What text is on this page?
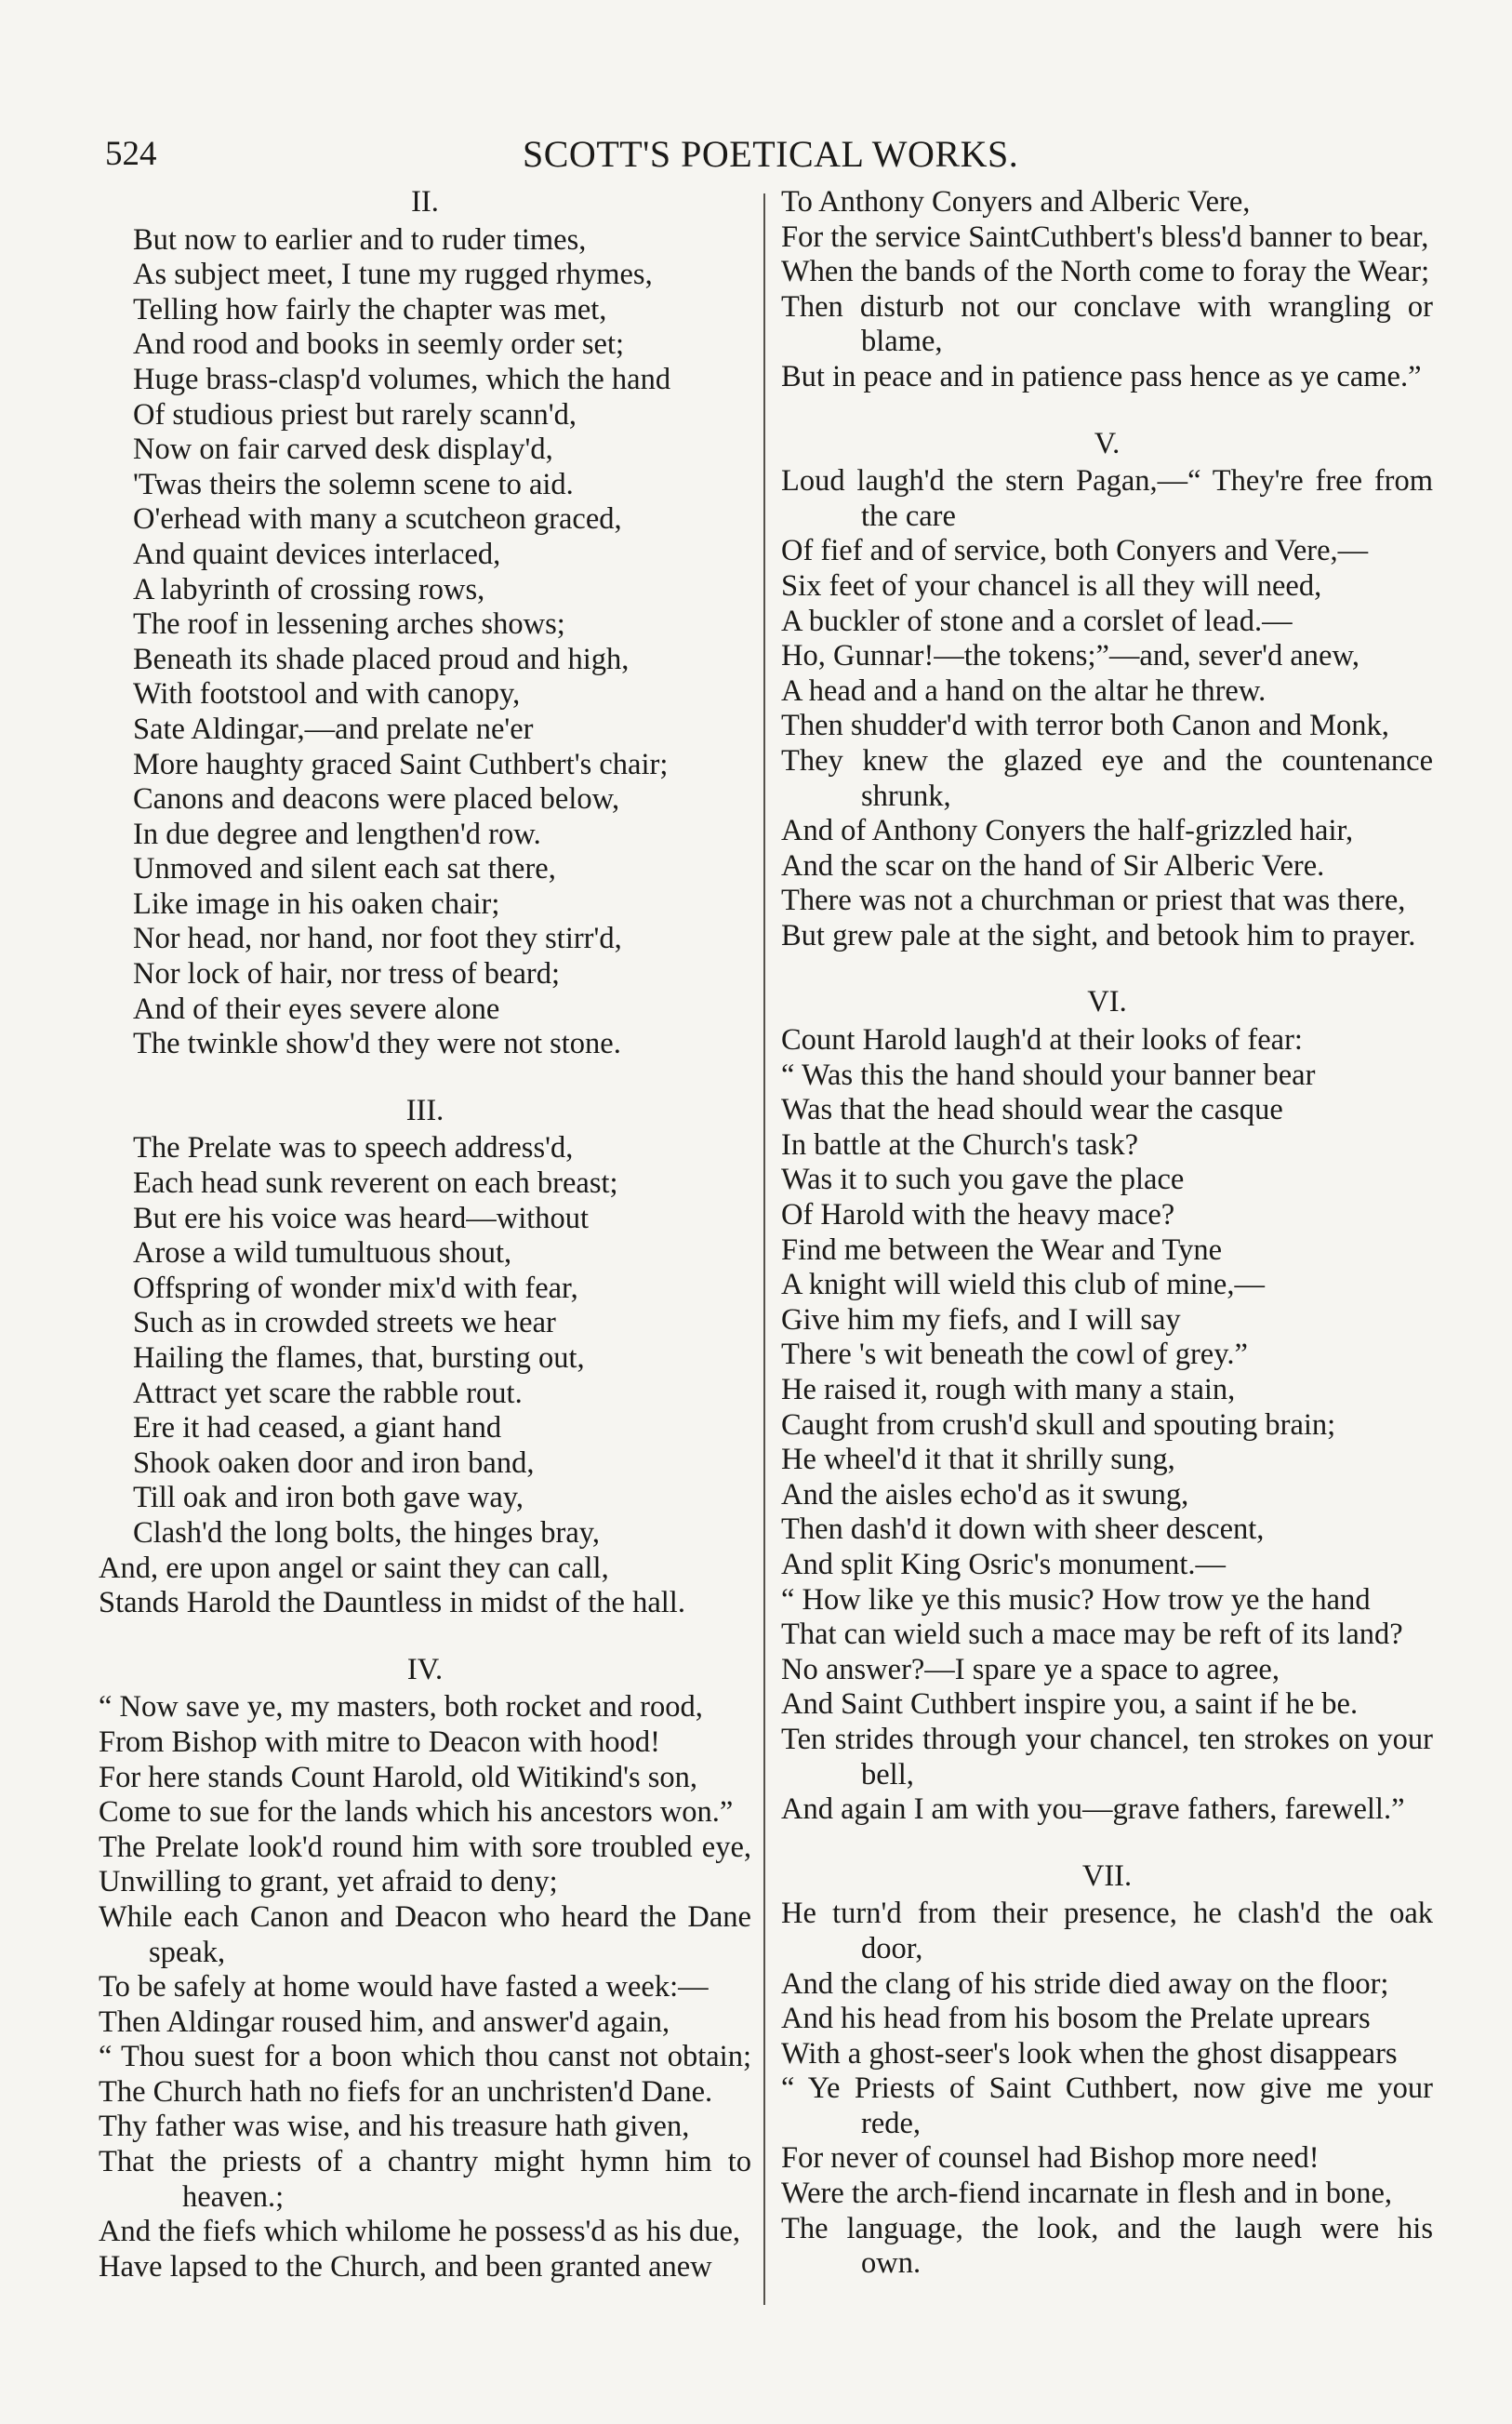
524	SCOTT'S POETICAL WORKS.
II.
But now to earlier and to ruder times,
As subject meet, I tune my rugged rhymes,
Telling how fairly the chapter was met,
And rood and books in seemly order set;
Huge brass-clasp'd volumes, which the hand
Of studious priest but rarely scann'd,
Now on fair carved desk display'd,
'Twas theirs the solemn scene to aid.
O'erhead with many a scutcheon graced,
And quaint devices interlaced,
A labyrinth of crossing rows,
The roof in lessening arches shows;
Beneath its shade placed proud and high,
With footstool and with canopy,
Sate Aldingar,—and prelate ne'er
More haughty graced Saint Cuthbert's chair;
Canons and deacons were placed below,
In due degree and lengthen'd row.
Unmoved and silent each sat there,
Like image in his oaken chair;
Nor head, nor hand, nor foot they stirr'd,
Nor lock of hair, nor tress of beard;
And of their eyes severe alone
The twinkle show'd they were not stone.
III.
The Prelate was to speech address'd,
Each head sunk reverent on each breast;
But ere his voice was heard—without
Arose a wild tumultuous shout,
Offspring of wonder mix'd with fear,
Such as in crowded streets we hear
Hailing the flames, that, bursting out,
Attract yet scare the rabble rout.
Ere it had ceased, a giant hand
Shook oaken door and iron band,
Till oak and iron both gave way,
Clash'd the long bolts, the hinges bray,
And, ere upon angel or saint they can call,
Stands Harold the Dauntless in midst of the hall.
IV.
“ Now save ye, my masters, both rocket and rood,
From Bishop with mitre to Deacon with hood!
For here stands Count Harold, old Witikind's son,
Come to sue for the lands which his ancestors won.”
The Prelate look'd round him with sore troubled eye,
Unwilling to grant, yet afraid to deny;
While each Canon and Deacon who heard the Dane
speak,
To be safely at home would have fasted a week:—
Then Aldingar roused him, and answer'd again,
“ Thou suest for a boon which thou canst not obtain;
The Church hath no fiefs for an unchristen'd Dane.
Thy father was wise, and his treasure hath given,
That the priests of a chantry might hymn him to
heaven.;
And the fiefs which whilome he possess'd as his due,
Have lapsed to the Church, and been granted anew
To Anthony Conyers and Alberic Vere,
For the service SaintCuthbert's bless'd banner to bear,
When the bands of the North come to foray the Wear;
Then disturb not our conclave with wrangling or
blame,
But in peace and in patience pass hence as ye came.”
V.
Loud laugh'd the stern Pagan,—“ They're free from
the care
Of fief and of service, both Conyers and Vere,—
Six feet of your chancel is all they will need,
A buckler of stone and a corslet of lead.—
Ho, Gunnar!—the tokens;”—and, sever'd anew,
A head and a hand on the altar he threw.
Then shudder'd with terror both Canon and Monk,
They knew the glazed eye and the countenance
shrunk,
And of Anthony Conyers the half-grizzled hair,
And the scar on the hand of Sir Alberic Vere.
There was not a churchman or priest that was there,
But grew pale at the sight, and betook him to prayer.
VI.
Count Harold laugh'd at their looks of fear:
“ Was this the hand should your banner bear
Was that the head should wear the casque
In battle at the Church's task?
Was it to such you gave the place
Of Harold with the heavy mace?
Find me between the Wear and Tyne
A knight will wield this club of mine,—
Give him my fiefs, and I will say
There 's wit beneath the cowl of grey.”
He raised it, rough with many a stain,
Caught from crush'd skull and spouting brain;
He wheel'd it that it shrilly sung,
And the aisles echo'd as it swung,
Then dash'd it down with sheer descent,
And split King Osric's monument.—
“ How like ye this music? How trow ye the hand
That can wield such a mace may be reft of its land?
No answer?—I spare ye a space to agree,
And Saint Cuthbert inspire you, a saint if he be.
Ten strides through your chancel, ten strokes on your
bell,
And again I am with you—grave fathers, farewell.”
VII.
He turn'd from their presence, he clash'd the oak
door,
And the clang of his stride died away on the floor;
And his head from his bosom the Prelate uprears
With a ghost-seer's look when the ghost disappears
“ Ye Priests of Saint Cuthbert, now give me your
rede,
For never of counsel had Bishop more need!
Were the arch-fiend incarnate in flesh and in bone,
The language, the look, and the laugh were his
own.
